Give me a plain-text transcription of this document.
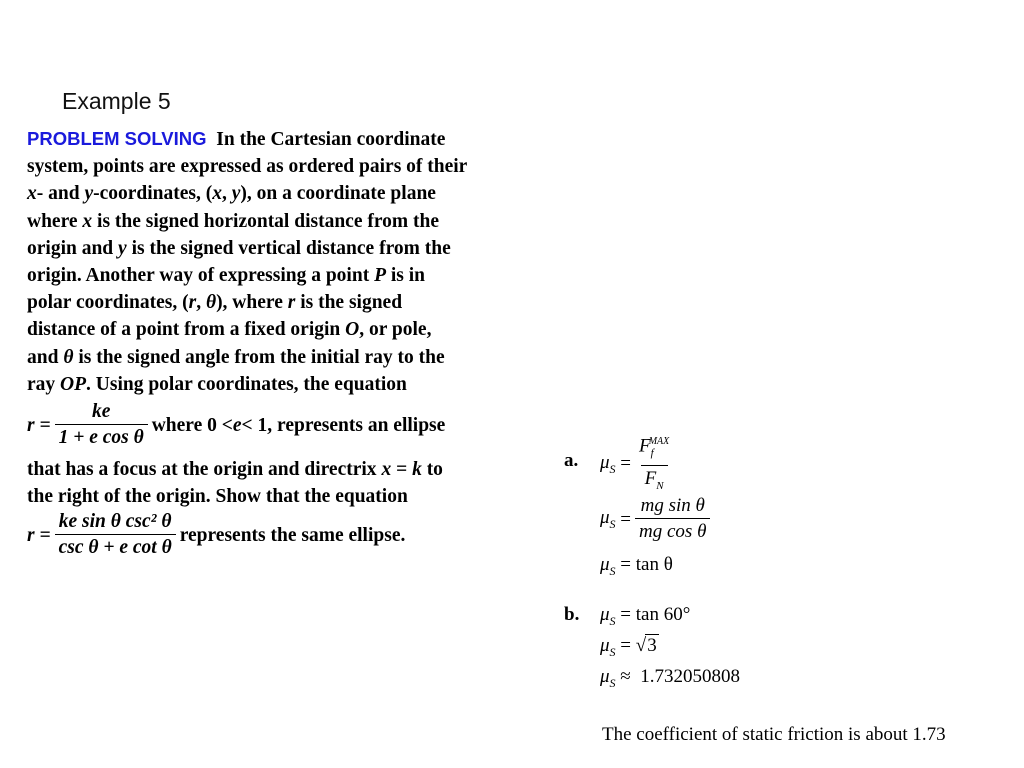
Example 5

PROBLEM SOLVING In the Cartesian coordinate

system, points are expressed as ordered pairs of their

x- and y-coordinates, (x, y), on a coordinate plane

where x is the signed horizontal distance from the

origin and y is the signed vertical distance from the

origin. Another way of expressing a point P is in

polar coordinates, (r, θ), where r is the signed

distance of a point from a fixed origin O, or pole,

and θ is the signed angle from the initial ray to the

ray OP. Using polar coordinates, the equation

$r = \frac{ke}{\text{1 + e cos θ}}$ where 0 < e < 1, represents an ellipse

that has a focus at the origin and directrix x = k to

the right of the origin. Show that the equation

$r = \frac{\text{ke sin θ csc² θ}}{\text{csc θ + e cot θ}}$ represents the same ellipse.
a. $\mu_S$
= $\frac{F_f^{MAX}}{F_N}$
$\mu_S$
= $\frac{\text{mg sin θ}}{\text{mg cos θ}}$
$\mu_S = \tan \theta$
b. $\mu_S = \tan 60^\circ$
$\mu_S = √3$
$\mu_S \approx 1.732050808$
The coefficient of static friction is about 1.73
